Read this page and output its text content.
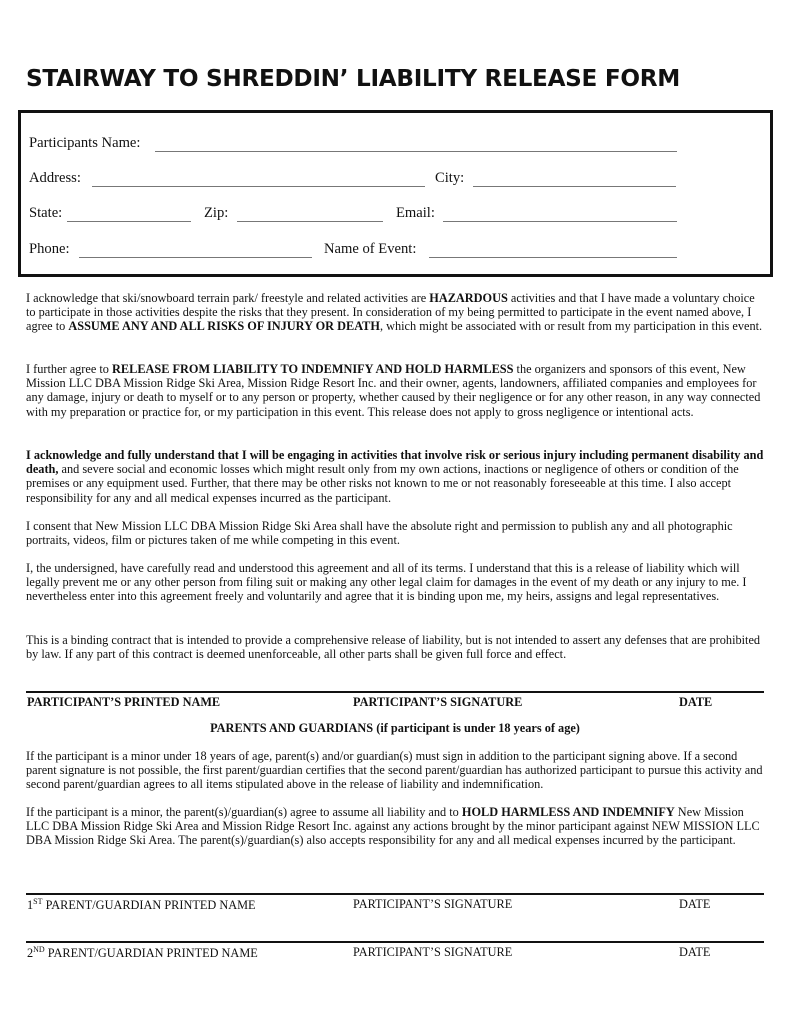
STAIRWAY TO SHREDDIN’ LIABILITY RELEASE FORM
Participants Name:
Address:	City:
State:	Zip:	Email:
Phone:	Name of Event:
I acknowledge that ski/snowboard terrain park/ freestyle and related activities are HAZARDOUS activities and that I have made a voluntary choice to participate in those activities despite the risks that they present. In consideration of my being permitted to participate in the event named above, I agree to ASSUME ANY AND ALL RISKS OF INJURY OR DEATH, which might be associated with or result from my participation in this event.
I further agree to RELEASE FROM LIABILITY TO INDEMNIFY AND HOLD HARMLESS the organizers and sponsors of this event, New Mission LLC DBA Mission Ridge Ski Area, Mission Ridge Resort Inc. and their owner, agents, landowners, affiliated companies and employees for any damage, injury or death to myself or to any person or property, whether caused by their negligence or for any other reason, in any way connected with my preparation or practice for, or my participation in this event. This release does not apply to gross negligence or intentional acts.
I acknowledge and fully understand that I will be engaging in activities that involve risk or serious injury including permanent disability and death, and severe social and economic losses which might result only from my own actions, inactions or negligence of others or condition of the premises or any equipment used. Further, that there may be other risks not known to me or not reasonably foreseeable at this time. I also accept responsibility for any and all medical expenses incurred as the participant.
I consent that New Mission LLC DBA Mission Ridge Ski Area shall have the absolute right and permission to publish any and all photographic portraits, videos, film or pictures taken of me while competing in this event.
I, the undersigned, have carefully read and understood this agreement and all of its terms. I understand that this is a release of liability which will legally prevent me or any other person from filing suit or making any other legal claim for damages in the event of my death or any injury to me. I nevertheless enter into this agreement freely and voluntarily and agree that it is binding upon me, my heirs, assigns and legal representatives.
This is a binding contract that is intended to provide a comprehensive release of liability, but is not intended to assert any defenses that are prohibited by law. If any part of this contract is deemed unenforceable, all other parts shall be given full force and effect.
PARTICIPANT’S PRINTED NAME	PARTICIPANT’S SIGNATURE	DATE
PARENTS AND GUARDIANS (if participant is under 18 years of age)
If the participant is a minor under 18 years of age, parent(s) and/or guardian(s) must sign in addition to the participant signing above. If a second parent signature is not possible, the first parent/guardian certifies that the second parent/guardian has authorized participant to pursue this activity and second parent/guardian agrees to all items stipulated above in the release of liability and indemnification.
If the participant is a minor, the parent(s)/guardian(s) agree to assume all liability and to HOLD HARMLESS AND INDEMNIFY New Mission LLC DBA Mission Ridge Ski Area and Mission Ridge Resort Inc. against any actions brought by the minor participant against NEW MISSION LLC DBA Mission Ridge Ski Area. The parent(s)/guardian(s) also accepts responsibility for any and all medical expenses incurred by the participant.
1ST PARENT/GUARDIAN PRINTED NAME	PARTICIPANT’S SIGNATURE	DATE
2ND PARENT/GUARDIAN PRINTED NAME	PARTICIPANT’S SIGNATURE	DATE
